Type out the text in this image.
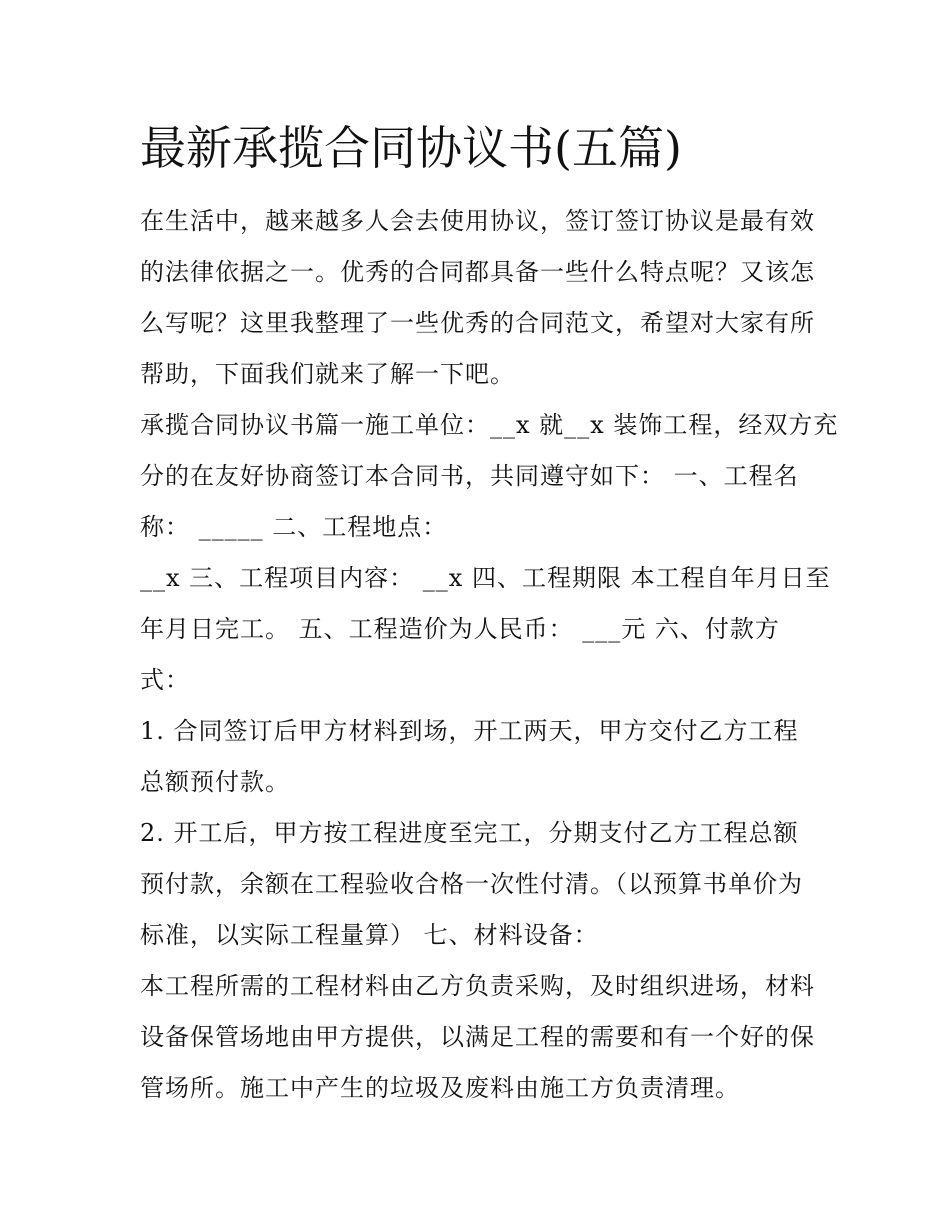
最新承揽合同协议书(五篇)
在生活中，越来越多人会去使用协议，签订签订协议是最有效
的法律依据之一。优秀的合同都具备一些什么特点呢？又该怎
么写呢？这里我整理了一些优秀的合同范文，希望对大家有所
帮助，下面我们就来了解一下吧。
承揽合同协议书篇一施工单位：__x 就__x 装饰工程，经双方充
分的在友好协商签订本合同书，共同遵守如下： 一、工程名
称： _____ 二、工程地点：
__x 三、工程项目内容： __x 四、工程期限 本工程自年月日至
年月日完工。 五、工程造价为人民币： ___元 六、付款方
式：
1. 合同签订后甲方材料到场，开工两天，甲方交付乙方工程
总额预付款。
2. 开工后，甲方按工程进度至完工，分期支付乙方工程总额
预付款，余额在工程验收合格一次性付清。（以预算书单价为
标准，以实际工程量算） 七、材料设备：
本工程所需的工程材料由乙方负责采购，及时组织进场，材料
设备保管场地由甲方提供，以满足工程的需要和有一个好的保
管场所。施工中产生的垃圾及废料由施工方负责清理。
